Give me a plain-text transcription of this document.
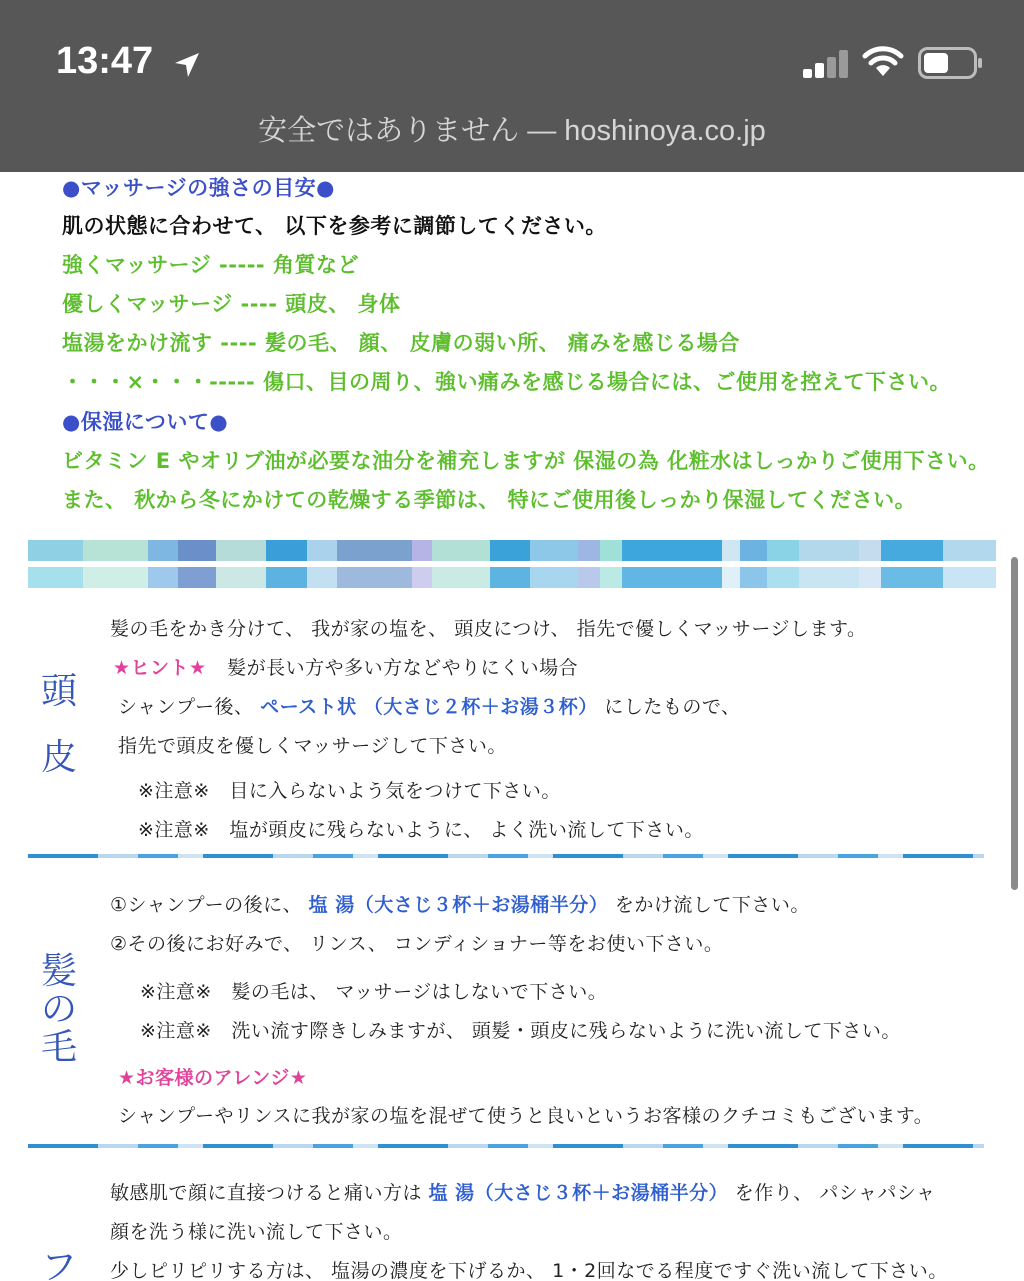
13:47
安全ではありません — hoshinoya.co.jp
●マッサージの強さの目安●
肌の状態に合わせて、 以下を参考に調節してください。
強くマッサージ ----- 角質など
優しくマッサージ ---- 頭皮、 身体
塩湯をかけ流す ---- 髪の毛、 顔、 皮膚の弱い所、 痛みを感じる場合
・・・×・・・----- 傷口、目の周り、強い痛みを感じる場合には、ご使用を控えて下さい。
●保湿について●
ビタミン E やオリブ油が必要な油分を補充しますが 保湿の為 化粧水はしっかりご使用下さい。
また、 秋から冬にかけての乾燥する季節は、 特にご使用後しっかり保湿してください。
頭
皮
髪の毛をかき分けて、 我が家の塩を、 頭皮につけ、 指先で優しくマッサージします。
★ヒント★ 髪が長い方や多い方などやりにくい場合
シャンプー後、 ペースト状 （大さじ２杯＋お湯３杯） にしたもので、
指先で頭皮を優しくマッサージして下さい。
※注意※　目に入らないよう気をつけて下さい。
※注意※　塩が頭皮に残らないように、 よく洗い流して下さい。
髪
の
毛
①シャンプーの後に、 塩 湯（大さじ３杯＋お湯桶半分） をかけ流して下さい。
②その後にお好みで、 リンス、 コンディショナー等をお使い下さい。
※注意※　髪の毛は、 マッサージはしないで下さい。
※注意※　洗い流す際きしみますが、 頭髪・頭皮に残らないように洗い流して下さい。
★お客様のアレンジ★
シャンプーやリンスに我が家の塩を混ぜて使うと良いというお客様のクチコミもございます。
敏感肌で顔に直接つけると痛い方は 塩 湯（大さじ３杯＋お湯桶半分） を作り、 パシャパシャ
顔を洗う様に洗い流して下さい。
少しピリピリする方は、 塩湯の濃度を下げるか、 1・2回なでる程度ですぐ洗い流して下さい。
フ
